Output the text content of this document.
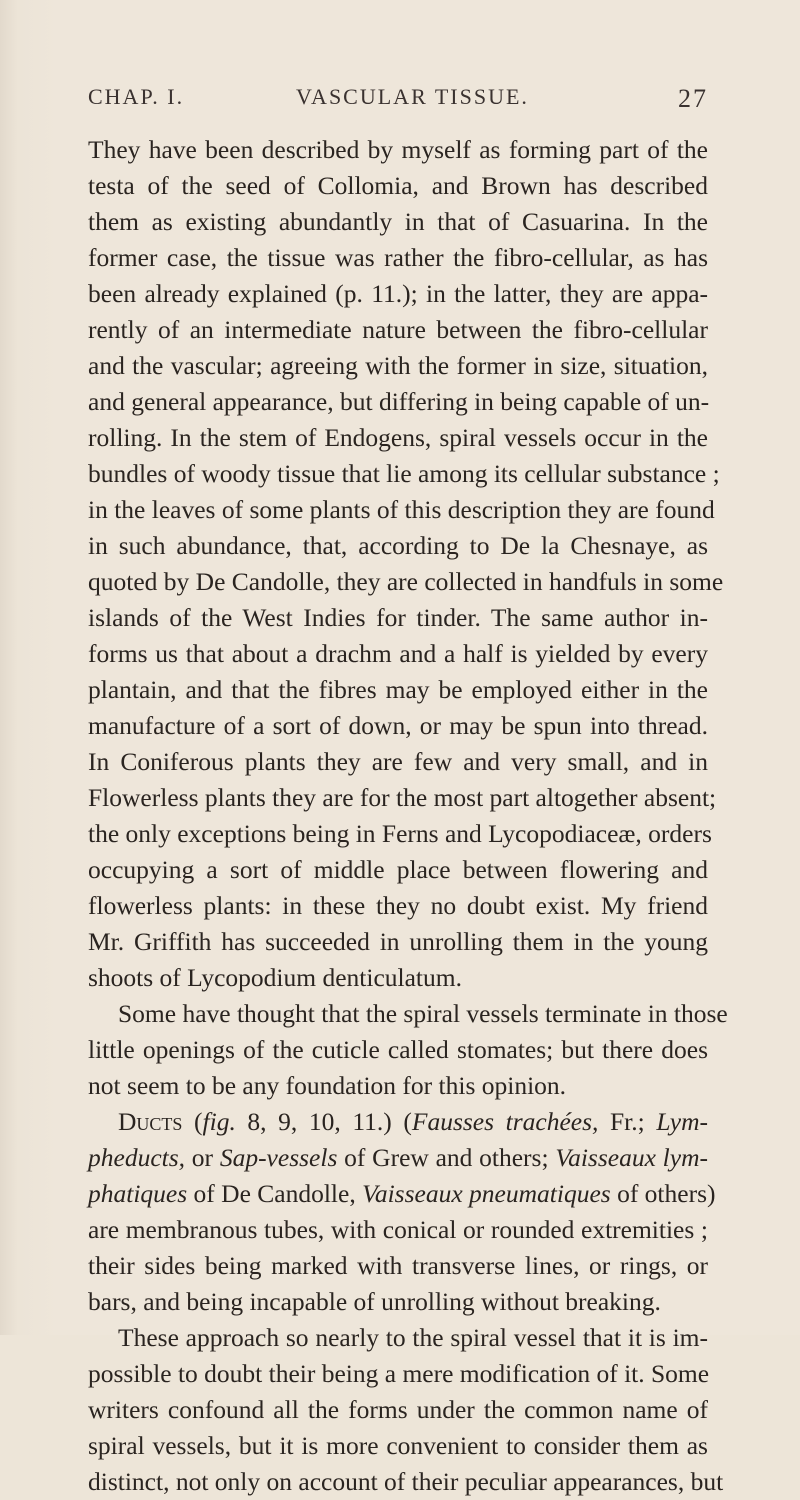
CHAP. I.	VASCULAR TISSUE.	27
They have been described by myself as forming part of the
testa of the seed of Collomia, and Brown has described
them as existing abundantly in that of Casuarina. In the
former case, the tissue was rather the fibro-cellular, as has
been already explained (p. 11.); in the latter, they are appa-
rently of an intermediate nature between the fibro-cellular
and the vascular; agreeing with the former in size, situation,
and general appearance, but differing in being capable of un-
rolling. In the stem of Endogens, spiral vessels occur in the
bundles of woody tissue that lie among its cellular substance ;
in the leaves of some plants of this description they are found
in such abundance, that, according to De la Chesnaye, as
quoted by De Candolle, they are collected in handfuls in some
islands of the West Indies for tinder. The same author in-
forms us that about a drachm and a half is yielded by every
plantain, and that the fibres may be employed either in the
manufacture of a sort of down, or may be spun into thread.
In Coniferous plants they are few and very small, and in
Flowerless plants they are for the most part altogether absent;
the only exceptions being in Ferns and Lycopodiaceæ, orders
occupying a sort of middle place between flowering and
flowerless plants: in these they no doubt exist. My friend
Mr. Griffith has succeeded in unrolling them in the young
shoots of Lycopodium denticulatum.
Some have thought that the spiral vessels terminate in those
little openings of the cuticle called stomates; but there does
not seem to be any foundation for this opinion.
Ducts (fig. 8, 9, 10, 11.) (Fausses trachées, Fr.; Lym-
pheducts, or Sap-vessels of Grew and others; Vaisseaux lym-
phatiques of De Candolle, Vaisseaux pneumatiques of others)
are membranous tubes, with conical or rounded extremities ;
their sides being marked with transverse lines, or rings, or
bars, and being incapable of unrolling without breaking.
These approach so nearly to the spiral vessel that it is im-
possible to doubt their being a mere modification of it. Some
writers confound all the forms under the common name of
spiral vessels, but it is more convenient to consider them as
distinct, not only on account of their peculiar appearances, but
